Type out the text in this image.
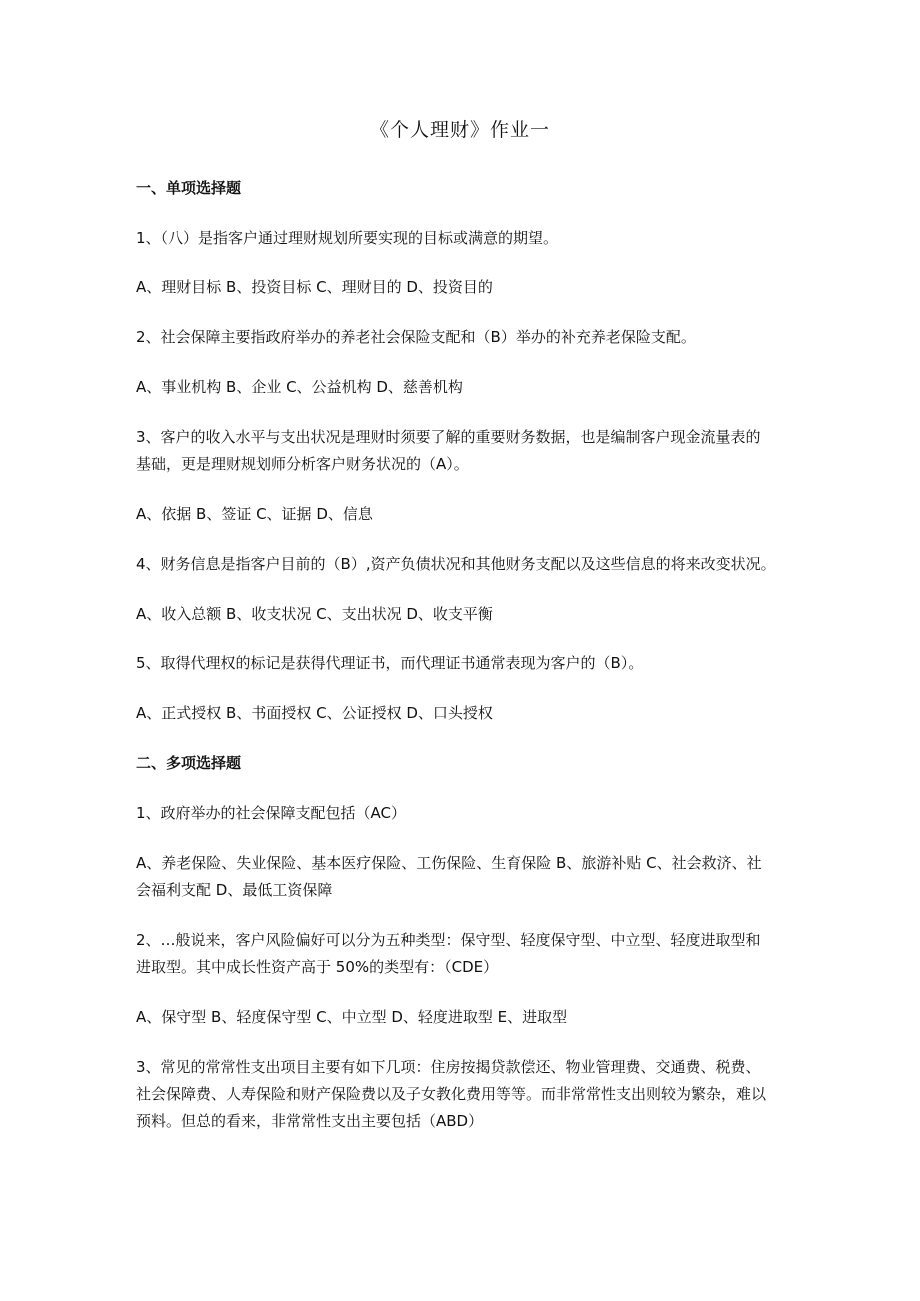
《个人理财》作业一
一、单项选择题
1、（八）是指客户通过理财规划所要实现的目标或满意的期望。
A、理财目标 B、投资目标 C、理财目的 D、投资目的
2、社会保障主要指政府举办的养老社会保险支配和（B）举办的补充养老保险支配。
A、事业机构 B、企业 C、公益机构 D、慈善机构
3、客户的收入水平与支出状况是理财时须要了解的重要财务数据，也是编制客户现金流量表的
基础，更是理财规划师分析客户财务状况的（A）。
A、依据 B、签证 C、证据 D、信息
4、财务信息是指客户目前的（B）,资产负债状况和其他财务支配以及这些信息的将来改变状况。
A、收入总额 B、收支状况 C、支出状况 D、收支平衡
5、取得代理权的标记是获得代理证书，而代理证书通常表现为客户的（B）。
A、正式授权 B、书面授权 C、公证授权 D、口头授权
二、多项选择题
1、政府举办的社会保障支配包括（AC）
A、养老保险、失业保险、基本医疗保险、工伤保险、生育保险 B、旅游补贴 C、社会救济、社
会福利支配 D、最低工资保障
2、…般说来，客户风险偏好可以分为五种类型：保守型、轻度保守型、中立型、轻度进取型和
进取型。其中成长性资产高于 50%的类型有：（CDE）
A、保守型 B、轻度保守型 C、中立型 D、轻度进取型 E、进取型
3、常见的常常性支出项目主要有如下几项：住房按揭贷款偿还、物业管理费、交通费、税费、
社会保障费、人寿保险和财产保险费以及子女教化费用等等。而非常常性支出则较为繁杂，难以
预料。但总的看来，非常常性支出主要包括（ABD）
